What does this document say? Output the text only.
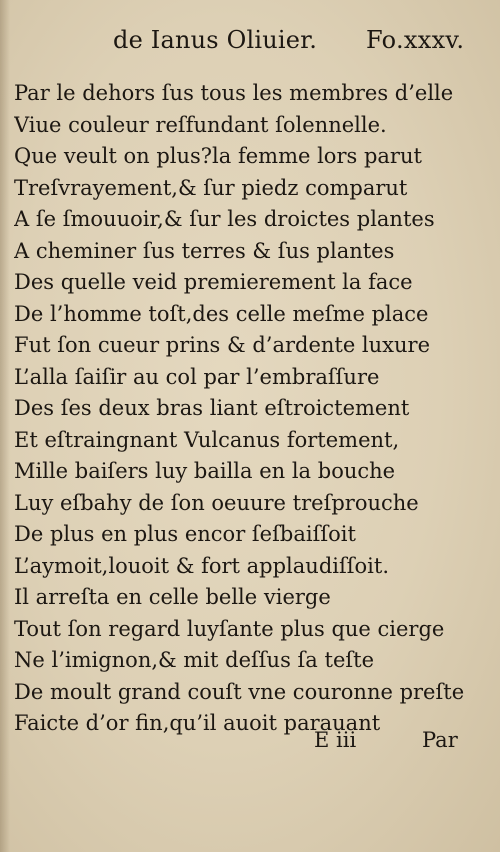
de Ianus Oliuier. Fo.xxxv.
Par le dehors ſus tous les membres d’elle
Viue couleur reſfundant ſolennelle.
Que veult on plus?la femme lors parut
Treſvrayement,& ſur piedz comparut
A ſe ſmouuoir,& ſur les droictes plantes
A cheminer ſus terres & ſus plantes
Des quelle veid premierement la face
De l’homme toſt,des celle meſme place
Fut ſon cueur prins & d’ardente luxure
L’alla ſaiſir au col par l’embraſſure
Des ſes deux bras liant eſtroictement
Et eſtraingnant Vulcanus fortement,
Mille baiſers luy bailla en la bouche
Luy eſbahy de ſon oeuure treſprouche
De plus en plus encor ſeſbaiſſoit
L’aymoit,louoit & fort applaudiſſoit.
Il arreſta en celle belle vierge
Tout ſon regard luyſante plus que cierge
Ne l’imignon,& mit deſſus ſa teſte
De moult grand couſt vne couronne preſte
Faicte d’or fin,qu’il auoit parauant
E iii	Par
